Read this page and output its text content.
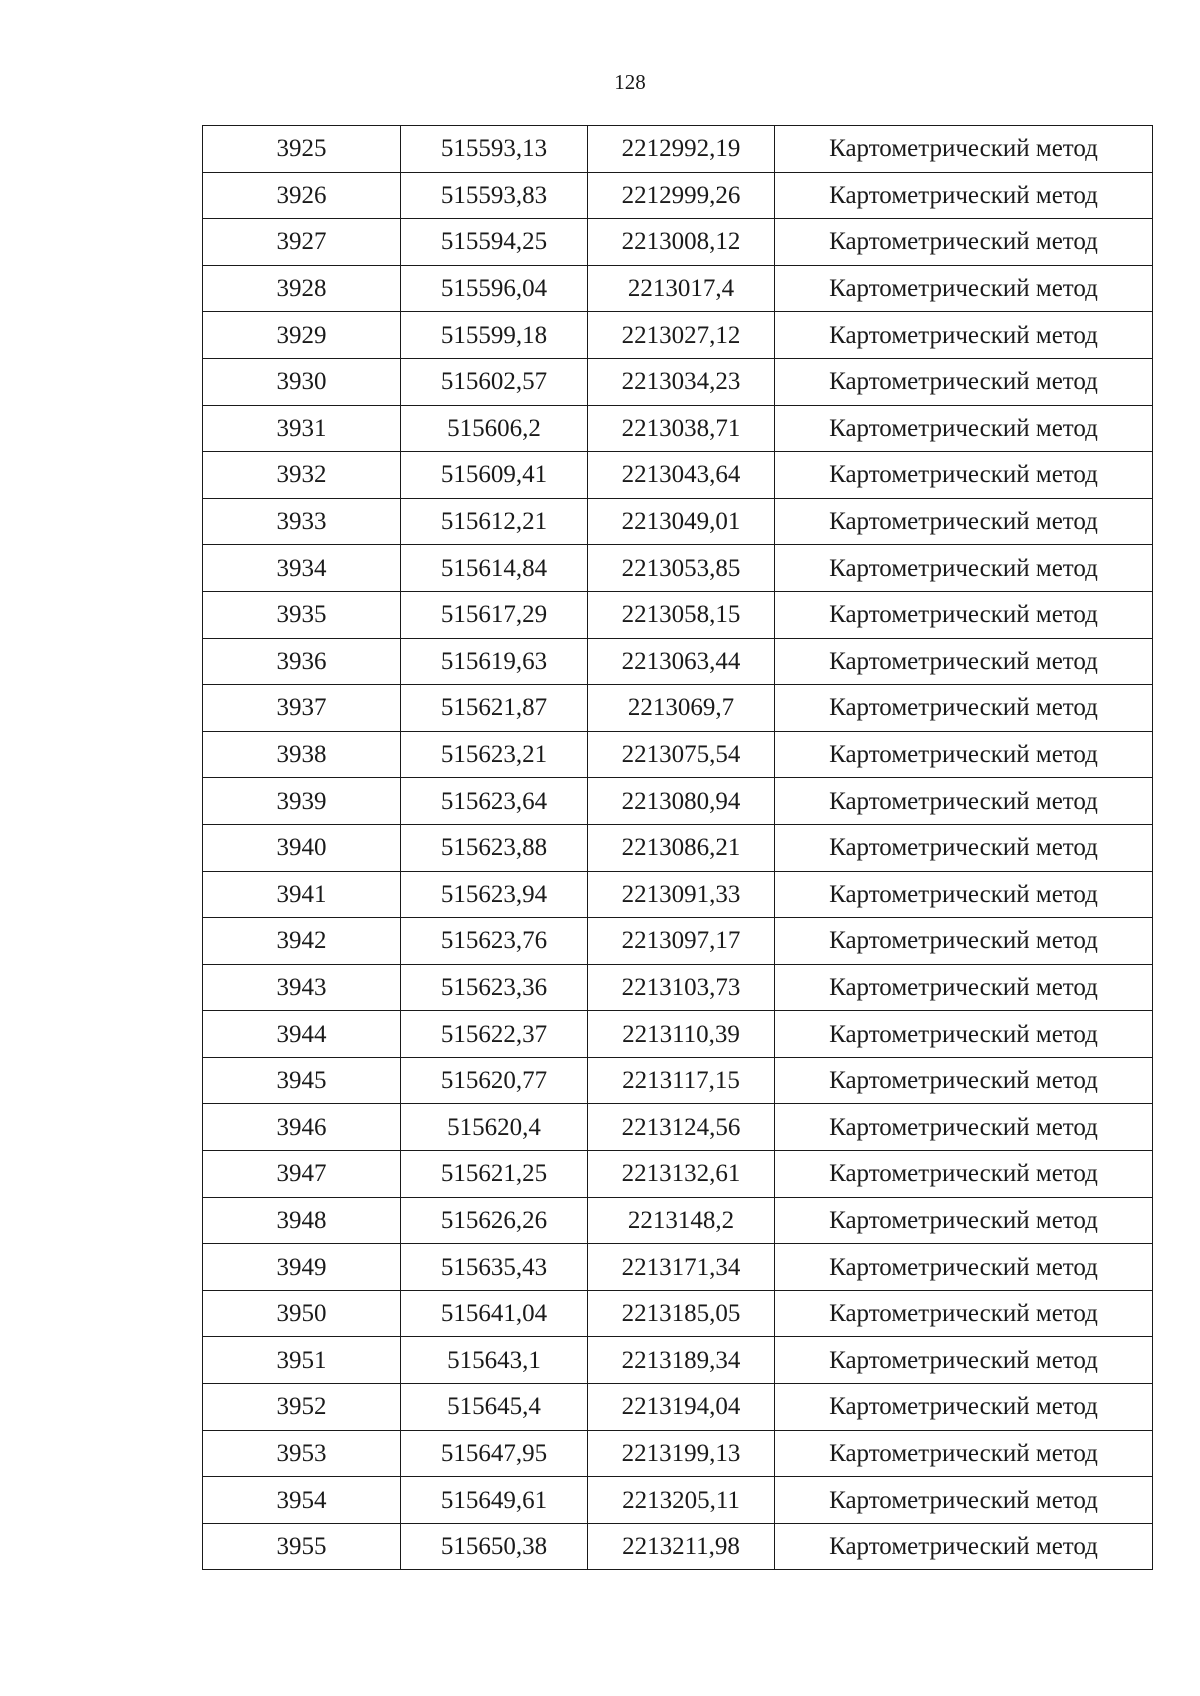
128
3925	515593,13	2212992,19	Картометрический метод
3926	515593,83	2212999,26	Картометрический метод
3927	515594,25	2213008,12	Картометрический метод
3928	515596,04	2213017,4	Картометрический метод
3929	515599,18	2213027,12	Картометрический метод
3930	515602,57	2213034,23	Картометрический метод
3931	515606,2	2213038,71	Картометрический метод
3932	515609,41	2213043,64	Картометрический метод
3933	515612,21	2213049,01	Картометрический метод
3934	515614,84	2213053,85	Картометрический метод
3935	515617,29	2213058,15	Картометрический метод
3936	515619,63	2213063,44	Картометрический метод
3937	515621,87	2213069,7	Картометрический метод
3938	515623,21	2213075,54	Картометрический метод
3939	515623,64	2213080,94	Картометрический метод
3940	515623,88	2213086,21	Картометрический метод
3941	515623,94	2213091,33	Картометрический метод
3942	515623,76	2213097,17	Картометрический метод
3943	515623,36	2213103,73	Картометрический метод
3944	515622,37	2213110,39	Картометрический метод
3945	515620,77	2213117,15	Картометрический метод
3946	515620,4	2213124,56	Картометрический метод
3947	515621,25	2213132,61	Картометрический метод
3948	515626,26	2213148,2	Картометрический метод
3949	515635,43	2213171,34	Картометрический метод
3950	515641,04	2213185,05	Картометрический метод
3951	515643,1	2213189,34	Картометрический метод
3952	515645,4	2213194,04	Картометрический метод
3953	515647,95	2213199,13	Картометрический метод
3954	515649,61	2213205,11	Картометрический метод
3955	515650,38	2213211,98	Картометрический метод
